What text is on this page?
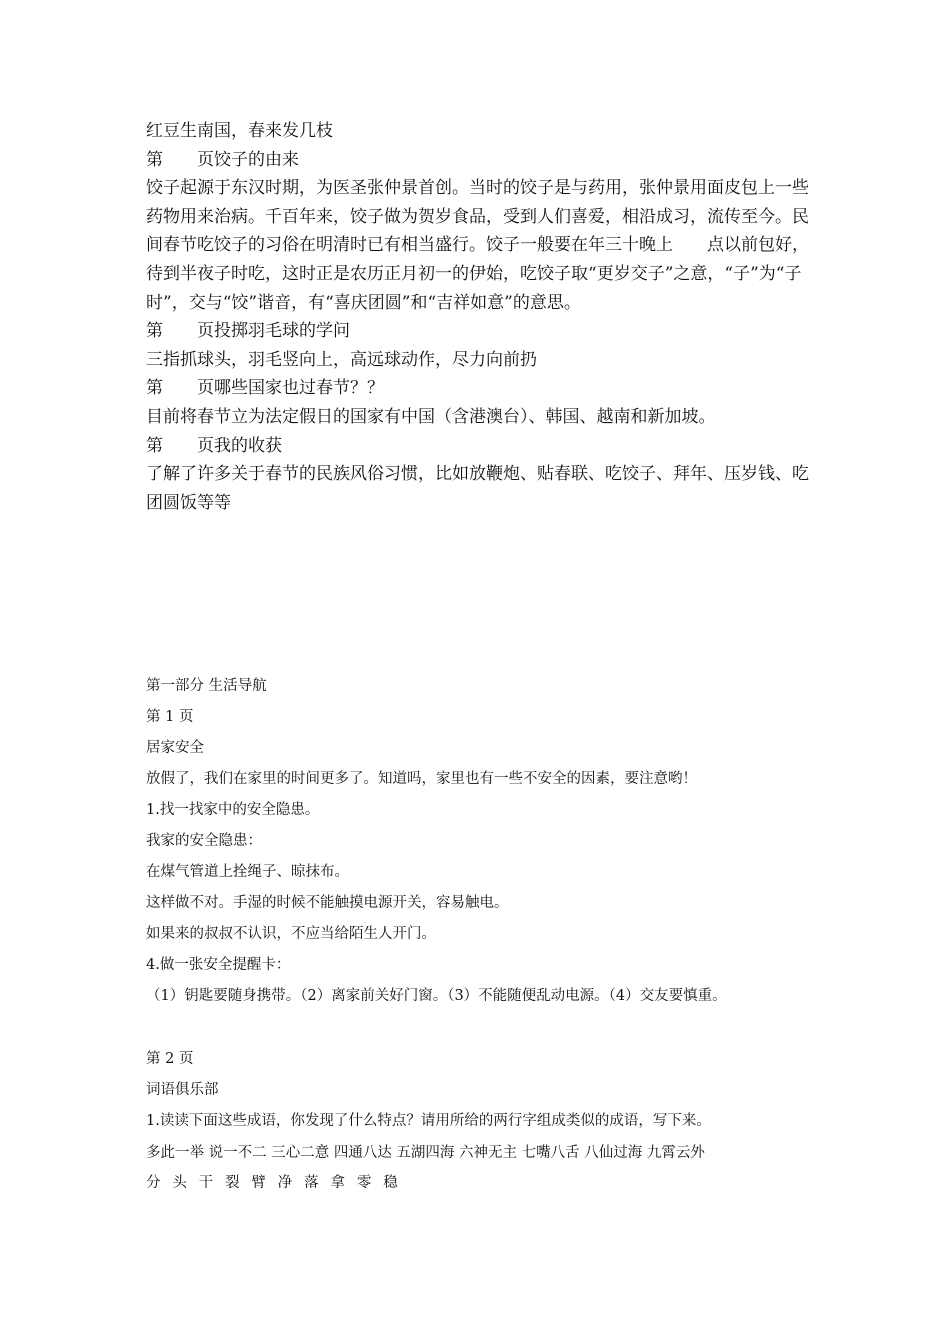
红豆生南国，春来发几枝

第　　页饺子的由来

饺子起源于东汉时期，为医圣张仲景首创。当时的饺子是与药用，张仲景用面皮包上一些药物用来治病。千百年来，饺子做为贺岁食品，受到人们喜爱，相沿成习，流传至今。民间春节吃饺子的习俗在明清时已有相当盛行。饺子一般要在年三十晚上　　点以前包好，待到半夜子时吃，这时正是农历正月初一的伊始，吃饺子取“更岁交子”之意，“子”为“子时”，交与“饺”谐音，有“喜庆团圆”和“吉祥如意”的意思。

第　　页投掷羽毛球的学问

三指抓球头，羽毛竖向上，高远球动作，尽力向前扔

第　　页哪些国家也过春节？？

目前将春节立为法定假日的国家有中国（含港澳台）、韩国、越南和新加坡。

第　　页我的收获

了解了许多关于春节的民族风俗习惯，比如放鞭炮、贴春联、吃饺子、拜年、压岁钱、吃团圆饭等等

第一部分 生活导航

第 1 页

居家安全

放假了，我们在家里的时间更多了。知道吗，家里也有一些不安全的因素，要注意哟！

1.找一找家中的安全隐患。

我家的安全隐患：

在煤气管道上拴绳子、晾抹布。

这样做不对。手湿的时候不能触摸电源开关，容易触电。

如果来的叔叔不认识，不应当给陌生人开门。

4.做一张安全提醒卡：

（1）钥匙要随身携带。（2）离家前关好门窗。（3）不能随便乱动电源。（4）交友要慎重。

第 2 页

词语俱乐部

1.读读下面这些成语，你发现了什么特点？请用所给的两行字组成类似的成语，写下来。

多此一举 说一不二 三心二意 四通八达 五湖四海 六神无主 七嘴八舌 八仙过海 九霄云外

分 头 干 裂 臂 净 落 拿 零 稳
